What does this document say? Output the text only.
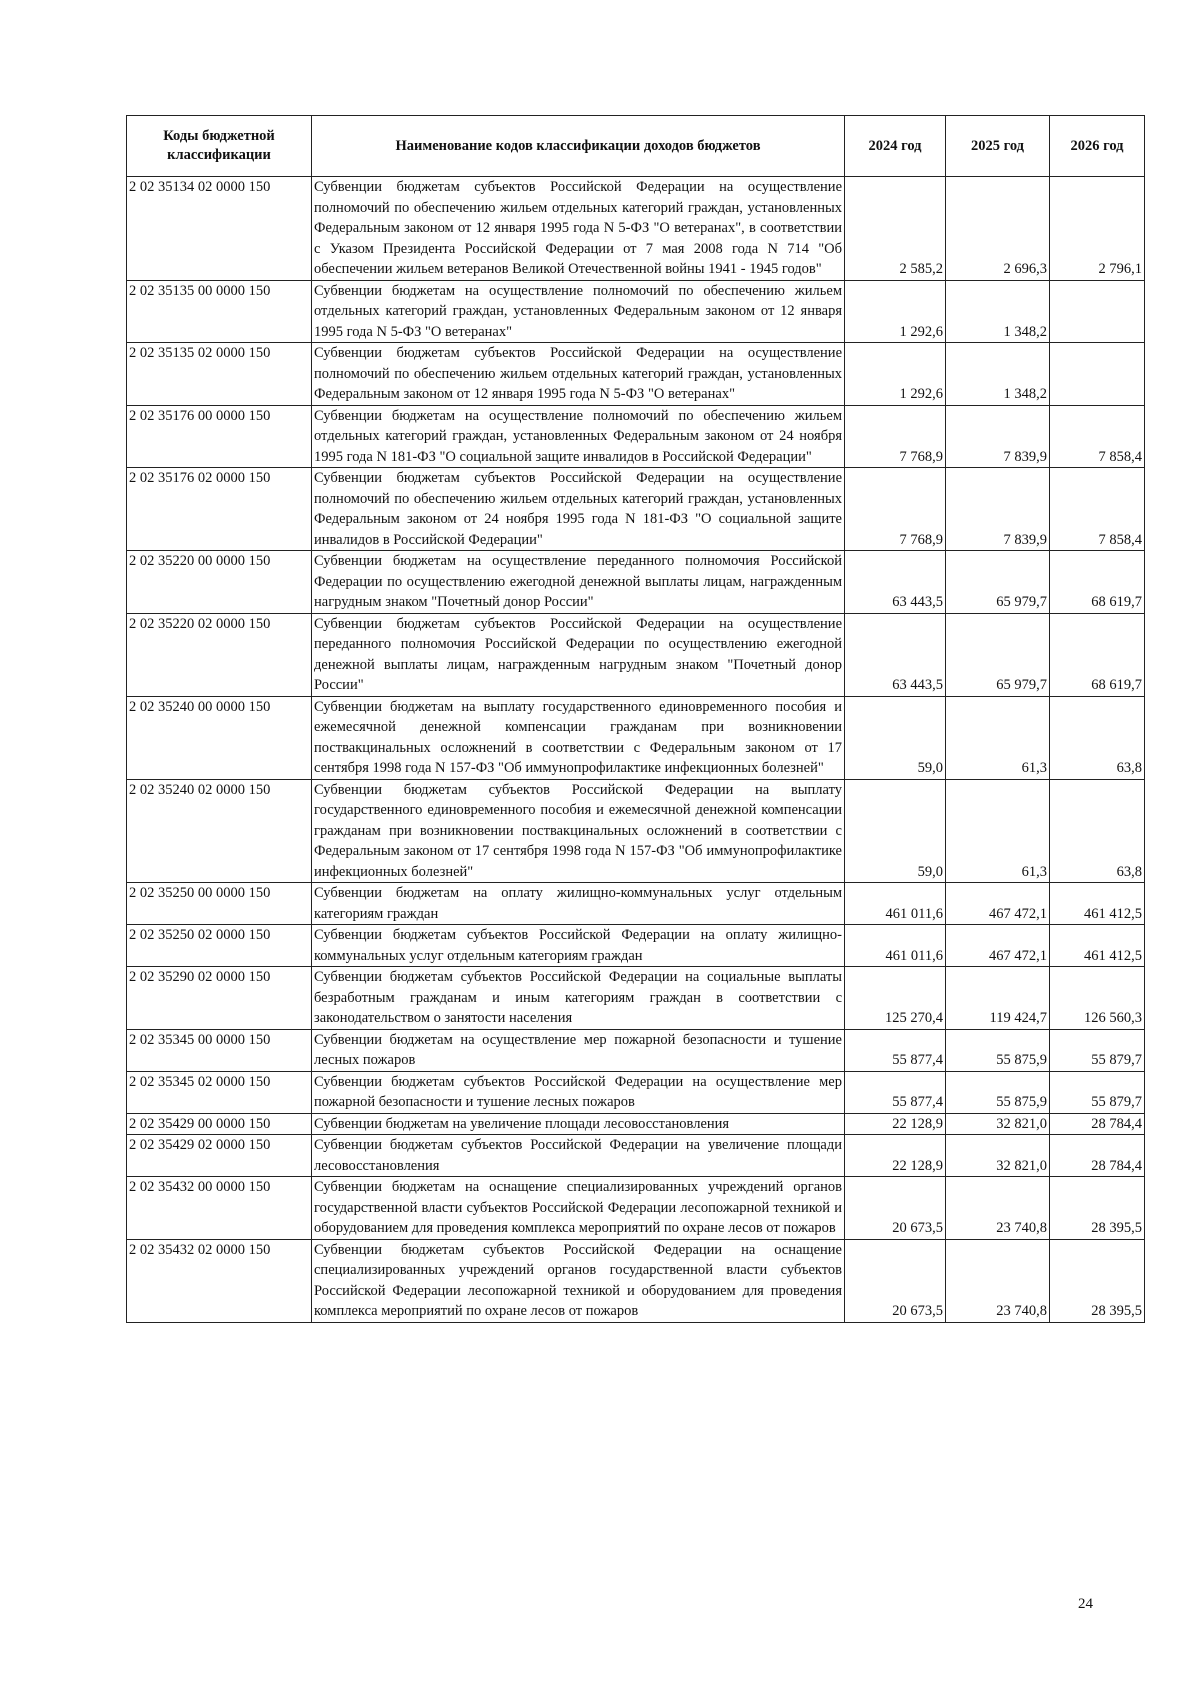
Коды бюджетной классификации	Наименование кодов классификации доходов бюджетов	2024 год	2025 год	2026 год
2 02 35134 02 0000 150	Субвенции бюджетам субъектов Российской Федерации на осуществление полномочий по обеспечению жильем отдельных категорий граждан, установленных Федеральным законом от 12 января 1995 года N 5-ФЗ "О ветеранах", в соответствии с Указом Президента Российской Федерации от 7 мая 2008 года N 714 "Об обеспечении жильем ветеранов Великой Отечественной войны 1941 - 1945 годов"	2 585,2	2 696,3	2 796,1
2 02 35135 00 0000 150	Субвенции бюджетам на осуществление полномочий по обеспечению жильем отдельных категорий граждан, установленных Федеральным законом от 12 января 1995 года N 5-ФЗ "О ветеранах"	1 292,6	1 348,2	
2 02 35135 02 0000 150	Субвенции бюджетам субъектов Российской Федерации на осуществление полномочий по обеспечению жильем отдельных категорий граждан, установленных Федеральным законом от 12 января 1995 года N 5-ФЗ "О ветеранах"	1 292,6	1 348,2	
2 02 35176 00 0000 150	Субвенции бюджетам на осуществление полномочий по обеспечению жильем отдельных категорий граждан, установленных Федеральным законом от 24 ноября 1995 года N 181-ФЗ "О социальной защите инвалидов в Российской Федерации"	7 768,9	7 839,9	7 858,4
2 02 35176 02 0000 150	Субвенции бюджетам субъектов Российской Федерации на осуществление полномочий по обеспечению жильем отдельных категорий граждан, установленных Федеральным законом от 24 ноября 1995 года N 181-ФЗ "О социальной защите инвалидов в Российской Федерации"	7 768,9	7 839,9	7 858,4
2 02 35220 00 0000 150	Субвенции бюджетам на осуществление переданного полномочия Российской Федерации по осуществлению ежегодной денежной выплаты лицам, награжденным нагрудным знаком "Почетный донор России"	63 443,5	65 979,7	68 619,7
2 02 35220 02 0000 150	Субвенции бюджетам субъектов Российской Федерации на осуществление переданного полномочия Российской Федерации по осуществлению ежегодной денежной выплаты лицам, награжденным нагрудным знаком "Почетный донор России"	63 443,5	65 979,7	68 619,7
2 02 35240 00 0000 150	Субвенции бюджетам на выплату государственного единовременного пособия и ежемесячной денежной компенсации гражданам при возникновении поствакцинальных осложнений в соответствии с Федеральным законом от 17 сентября 1998 года N 157-ФЗ "Об иммунопрофилактике инфекционных болезней"	59,0	61,3	63,8
2 02 35240 02 0000 150	Субвенции бюджетам субъектов Российской Федерации на выплату государственного единовременного пособия и ежемесячной денежной компенсации гражданам при возникновении поствакцинальных осложнений в соответствии с Федеральным законом от 17 сентября 1998 года N 157-ФЗ "Об иммунопрофилактике инфекционных болезней"	59,0	61,3	63,8
2 02 35250 00 0000 150	Субвенции бюджетам на оплату жилищно-коммунальных услуг отдельным категориям граждан	461 011,6	467 472,1	461 412,5
2 02 35250 02 0000 150	Субвенции бюджетам субъектов Российской Федерации на оплату жилищно-коммунальных услуг отдельным категориям граждан	461 011,6	467 472,1	461 412,5
2 02 35290 02 0000 150	Субвенции бюджетам субъектов Российской Федерации на социальные выплаты безработным гражданам и иным категориям граждан в соответствии с законодательством о занятости населения	125 270,4	119 424,7	126 560,3
2 02 35345 00 0000 150	Субвенции бюджетам на осуществление мер пожарной безопасности и тушение лесных пожаров	55 877,4	55 875,9	55 879,7
2 02 35345 02 0000 150	Субвенции бюджетам субъектов Российской Федерации на осуществление мер пожарной безопасности и тушение лесных пожаров	55 877,4	55 875,9	55 879,7
2 02 35429 00 0000 150	Субвенции бюджетам на увеличение площади лесовосстановления	22 128,9	32 821,0	28 784,4
2 02 35429 02 0000 150	Субвенции бюджетам субъектов Российской Федерации на увеличение площади лесовосстановления	22 128,9	32 821,0	28 784,4
2 02 35432 00 0000 150	Субвенции бюджетам на оснащение специализированных учреждений органов государственной власти субъектов Российской Федерации лесопожарной техникой и оборудованием для проведения комплекса мероприятий по охране лесов от пожаров	20 673,5	23 740,8	28 395,5
2 02 35432 02 0000 150	Субвенции бюджетам субъектов Российской Федерации на оснащение специализированных учреждений органов государственной власти субъектов Российской Федерации лесопожарной техникой и оборудованием для проведения комплекса мероприятий по охране лесов от пожаров	20 673,5	23 740,8	28 395,5
24
